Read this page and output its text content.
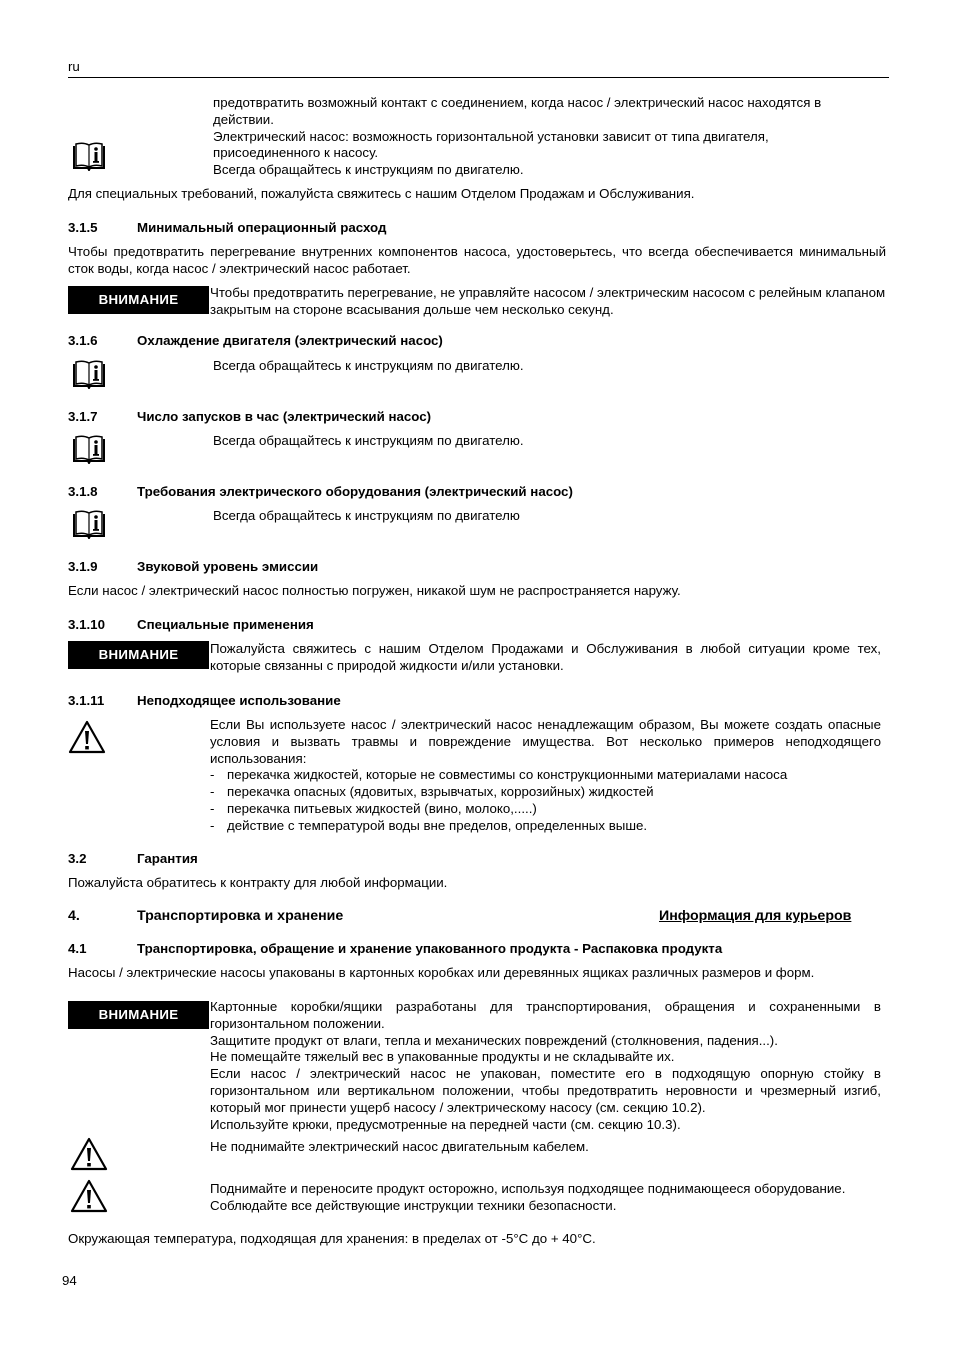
ru
предотвратить возможный контакт с соединением, когда насос / электрический насос находятся в
действии.
Электрический насос: возможность горизонтальной установки зависит от типа двигателя,
присоединенного к насосу.
Всегда обращайтесь к инструкциям по двигателю.
Для специальных требований, пожалуйста свяжитесь с нашим Отделом Продажам и Обслуживания.
3.1.5	Минимальный операционный расход
Чтобы предотвратить перегревание внутренних компонентов насоса, удостоверьтесь, что всегда обеспечивается минимальный сток воды, когда насос / электрический насос работает.
ВНИМАНИЕ	Чтобы предотвратить перегревание, не управляйте насосом / электрическим насосом с релейным клапаном закрытым на стороне всасывания дольше чем несколько секунд.
3.1.6	Охлаждение двигателя (электрический насос)
Всегда обращайтесь к инструкциям по двигателю.
3.1.7	Число запусков в час (электрический насос)
Всегда обращайтесь к инструкциям по двигателю.
3.1.8	Требования электрического оборудования (электрический насос)
Всегда обращайтесь к инструкциям по двигателю
3.1.9	Звуковой уровень эмиссии
Если насос / электрический насос полностью погружен, никакой шум не распространяется наружу.
3.1.10 Специальные применения
ВНИМАНИЕ	Пожалуйста свяжитесь с нашим Отделом Продажами и Обслуживания в любой ситуации кроме тех, которые связанны с природой жидкости и/или установки.
3.1.11 Неподходящее использование
Если Вы используете насос / электрический насос ненадлежащим образом, Вы можете создать опасные условия и вызвать травмы и повреждение имущества. Вот несколько примеров неподходящего использования:
- перекачка жидкостей, которые не совместимы со конструкционными материалами насоса
- перекачка опасных (ядовитых, взрывчатых, коррозийных) жидкостей
- перекачка питьевых жидкостей (вино, молоко,.....)
- действие с температурой воды вне пределов, определенных выше.
3.2	Гарантия
Пожалуйста обратитесь к контракту для любой информации.
4.	Транспортировка и хранение	Информация для курьеров
4.1	Транспортировка, обращение и хранение упакованного продукта - Распаковка продукта
Насосы / электрические насосы упакованы в картонных коробках или деревянных ящиках различных размеров и форм.
ВНИМАНИЕ
Картонные коробки/ящики разработаны для транспортирования, обращения и сохраненными в горизонтальном положении.
Защитите продукт от влаги, тепла и механических повреждений (столкновения, падения...).
Не помещайте тяжелый вес в упакованные продукты и не складывайте их.
Если насос / электрический насос не упакован, поместите его в подходящую опорную стойку в горизонтальном или вертикальном положении, чтобы предотвратить неровности и чрезмерный изгиб, который мог принести ущерб насосу / электрическому насосу (см. секцию 10.2).
Используйте крюки, предусмотренные на передней части (см. секцию 10.3).
Не поднимайте электрический насос двигательным кабелем.
Поднимайте и переносите продукт осторожно, используя подходящее поднимающееся оборудование.
Соблюдайте все действующие инструкции техники безопасности.
Окружающая температура, подходящая для хранения: в пределах от -5°C до + 40°C.
94
